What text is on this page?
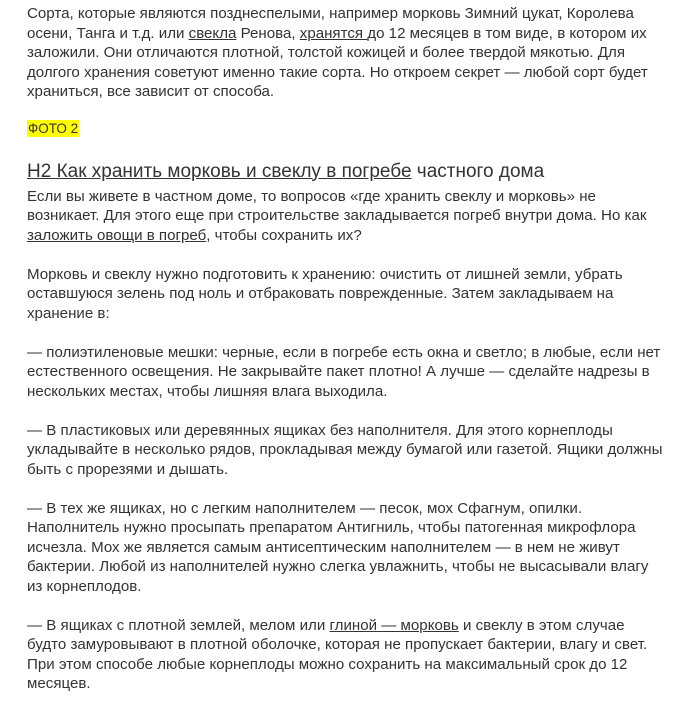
Сорта, которые являются позднеспелыми, например морковь Зимний цукат, Королева осени, Танга и т.д. или свекла Ренова, хранятся до 12 месяцев в том виде, в котором их заложили. Они отличаются плотной, толстой кожицей и более твердой мякотью. Для долгого хранения советуют именно такие сорта. Но откроем секрет — любой сорт будет храниться, все зависит от способа.

ФОТО 2
H2 Как хранить морковь и свеклу в погребе частного дома

Если вы живете в частном доме, то вопросов «где хранить свеклу и морковь» не возникает. Для этого еще при строительстве закладывается погреб внутри дома. Но как заложить овощи в погреб, чтобы сохранить их?

Морковь и свеклу нужно подготовить к хранению: очистить от лишней земли, убрать оставшуюся зелень под ноль и отбраковать поврежденные. Затем закладываем на хранение в:

— полиэтиленовые мешки: черные, если в погребе есть окна и светло; в любые, если нет естественного освещения. Не закрывайте пакет плотно! А лучше — сделайте надрезы в нескольких местах, чтобы лишняя влага выходила.

— В пластиковых или деревянных ящиках без наполнителя. Для этого корнеплоды укладывайте в несколько рядов, прокладывая между бумагой или газетой. Ящики должны быть с прорезями и дышать.

— В тех же ящиках, но с легким наполнителем — песок, мох Сфагнум, опилки. Наполнитель нужно просыпать препаратом Антигниль, чтобы патогенная микрофлора исчезла. Мох же является самым антисептическим наполнителем — в нем не живут бактерии. Любой из наполнителей нужно слегка увлажнить, чтобы не высасывали влагу из корнеплодов.

— В ящиках с плотной землей, мелом или глиной — морковь и свеклу в этом случае будто замуровывают в плотной оболочке, которая не пропускает бактерии, влагу и свет. При этом способе любые корнеплоды можно сохранить на максимальный срок до 12 месяцев.
